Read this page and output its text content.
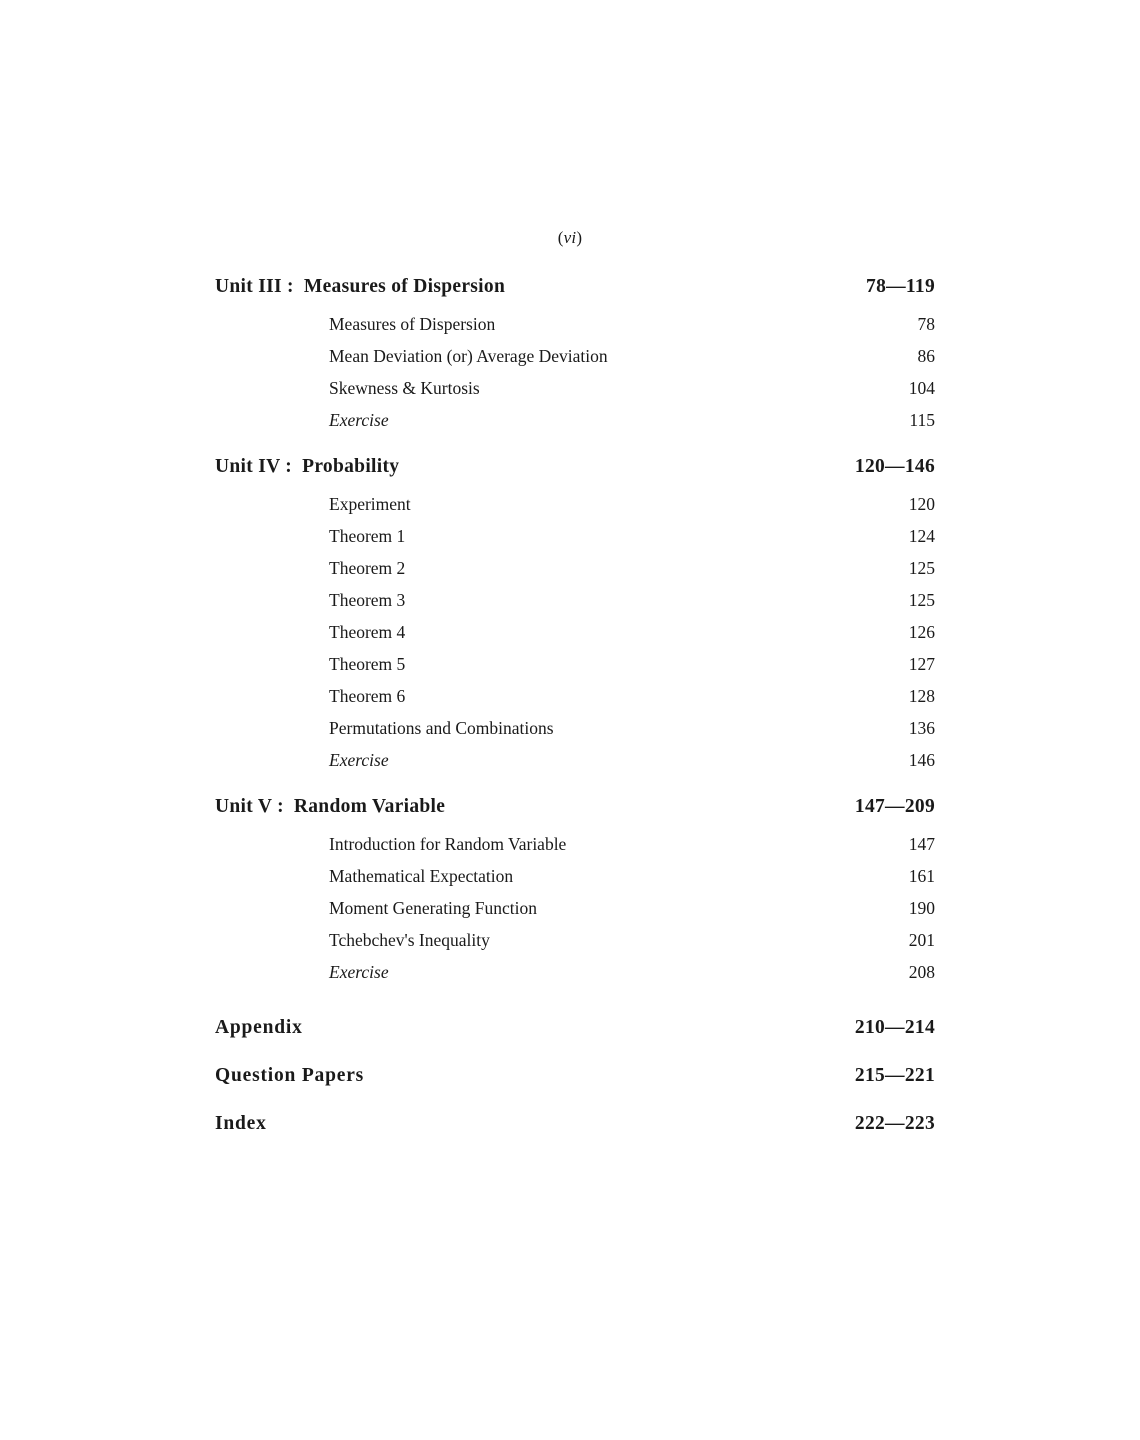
(vi)
Unit III : Measures of Dispersion	78—119
Measures of Dispersion	78
Mean Deviation (or) Average Deviation	86
Skewness & Kurtosis	104
Exercise	115
Unit IV : Probability	120—146
Experiment	120
Theorem 1	124
Theorem 2	125
Theorem 3	125
Theorem 4	126
Theorem 5	127
Theorem 6	128
Permutations and Combinations	136
Exercise	146
Unit V : Random Variable	147—209
Introduction for Random Variable	147
Mathematical Expectation	161
Moment Generating Function	190
Tchebchev's Inequality	201
Exercise	208
Appendix	210—214
Question Papers	215—221
Index	222—223
